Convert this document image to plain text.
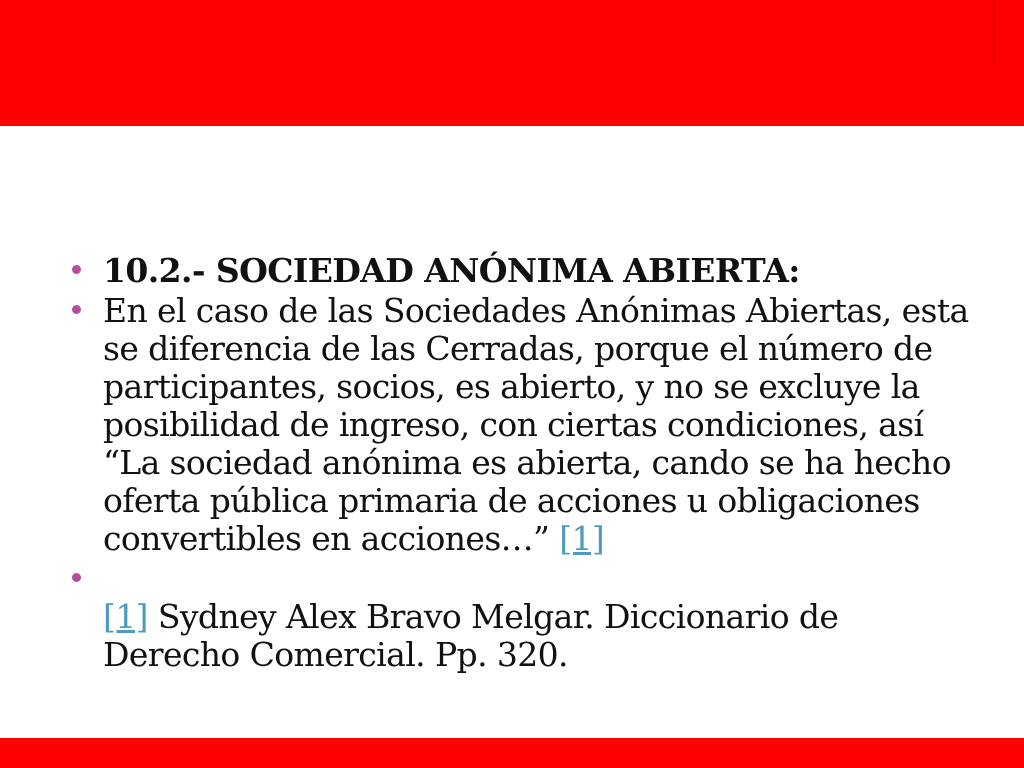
10.2.- SOCIEDAD ANÓNIMA ABIERTA:
En el caso de las Sociedades Anónimas Abiertas, esta se diferencia de las Cerradas, porque el número de participantes, socios, es abierto, y no se excluye la posibilidad de ingreso, con ciertas condiciones, así “La sociedad anónima es abierta, cando se ha hecho oferta pública primaria de acciones u obligaciones convertibles en acciones…” [1]

[1] Sydney Alex Bravo Melgar. Diccionario de Derecho Comercial. Pp. 320.
